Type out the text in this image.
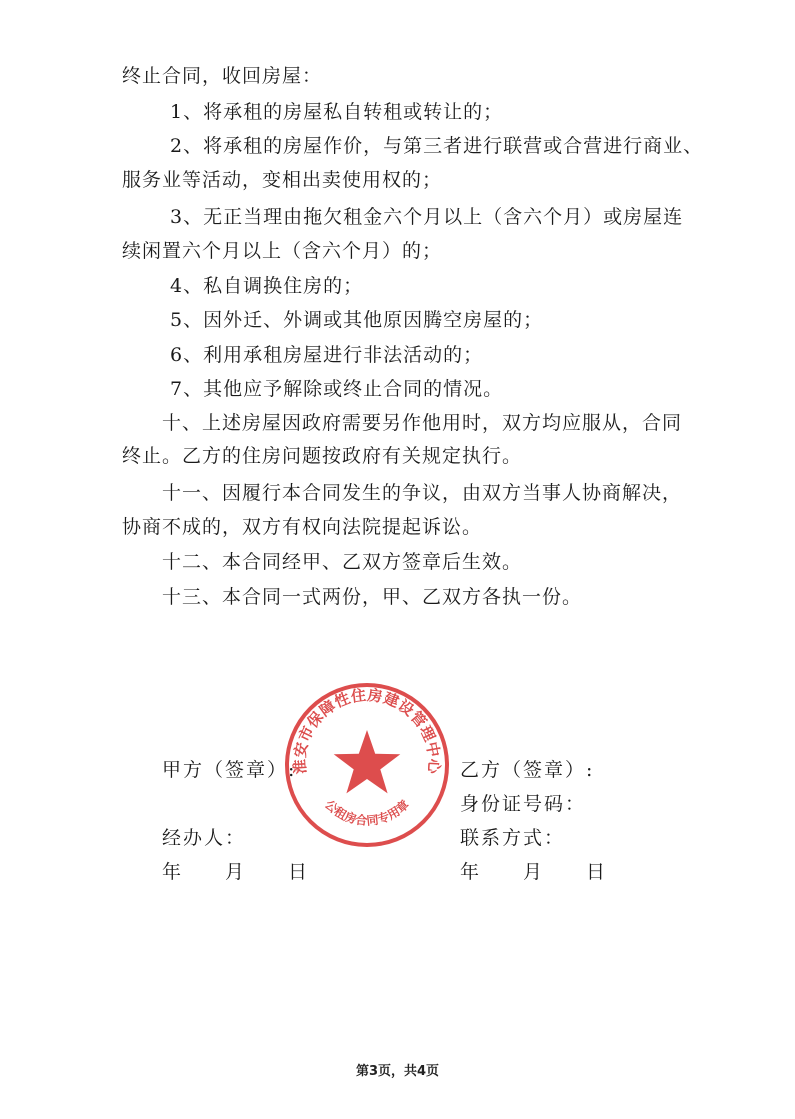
终止合同，收回房屋：
1、将承租的房屋私自转租或转让的；
2、将承租的房屋作价，与第三者进行联营或合营进行商业、
服务业等活动，变相出卖使用权的；
3、无正当理由拖欠租金六个月以上（含六个月）或房屋连
续闲置六个月以上（含六个月）的；
4、私自调换住房的；
5、因外迁、外调或其他原因腾空房屋的；
6、利用承租房屋进行非法活动的；
7、其他应予解除或终止合同的情况。
十、上述房屋因政府需要另作他用时，双方均应服从，合同
终止。乙方的住房问题按政府有关规定执行。
十一、因履行本合同发生的争议，由双方当事人协商解决，
协商不成的，双方有权向法院提起诉讼。
十二、本合同经甲、乙双方签章后生效。
十三、本合同一式两份，甲、乙双方各执一份。
甲方（签章）:
经办人：
年　　月　　日
乙方（签章）:
身份证号码：
联系方式：
年　　月　　日
淮安市保障性住房建设管理中心
公租房合同专用章
第3页，共4页
